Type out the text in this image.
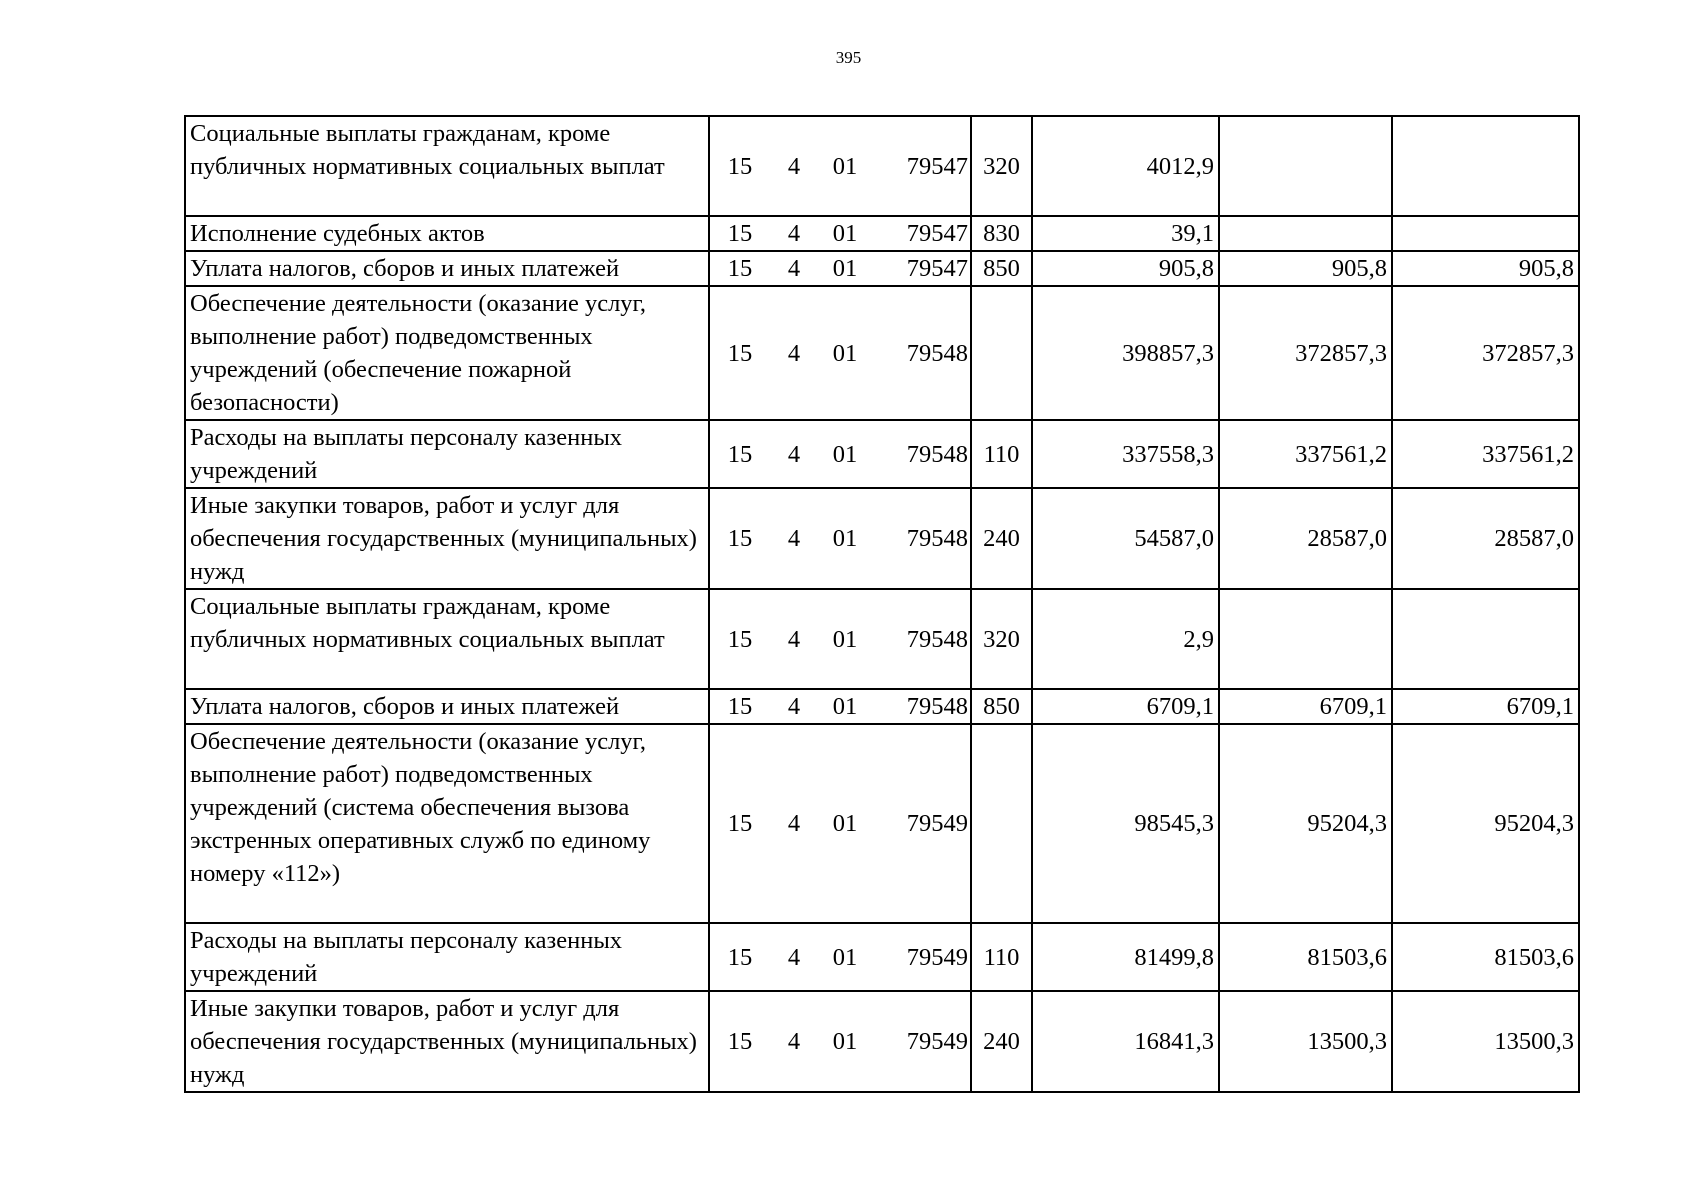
395
Социальные выплаты гражданам, кроме публичных нормативных социальных выплат	15 4 01 79547	320	4012,9		
Исполнение судебных актов	15 4 01 79547	830	39,1		
Уплата налогов, сборов и иных платежей	15 4 01 79547	850	905,8	905,8	905,8
Обеспечение деятельности (оказание услуг, выполнение работ) подведомственных учреждений (обеспечение пожарной безопасности)	15 4 01 79548		398857,3	372857,3	372857,3
Расходы на выплаты персоналу казенных учреждений	15 4 01 79548	110	337558,3	337561,2	337561,2
Иные закупки товаров, работ и услуг для обеспечения государственных (муниципальных) нужд	15 4 01 79548	240	54587,0	28587,0	28587,0
Социальные выплаты гражданам, кроме публичных нормативных социальных выплат	15 4 01 79548	320	2,9		
Уплата налогов, сборов и иных платежей	15 4 01 79548	850	6709,1	6709,1	6709,1
Обеспечение деятельности (оказание услуг, выполнение работ) подведомственных учреждений (система обеспечения вызова экстренных оперативных служб по единому номеру «112»)	15 4 01 79549		98545,3	95204,3	95204,3
Расходы на выплаты персоналу казенных учреждений	15 4 01 79549	110	81499,8	81503,6	81503,6
Иные закупки товаров, работ и услуг для обеспечения государственных (муниципальных) нужд	15 4 01 79549	240	16841,3	13500,3	13500,3
